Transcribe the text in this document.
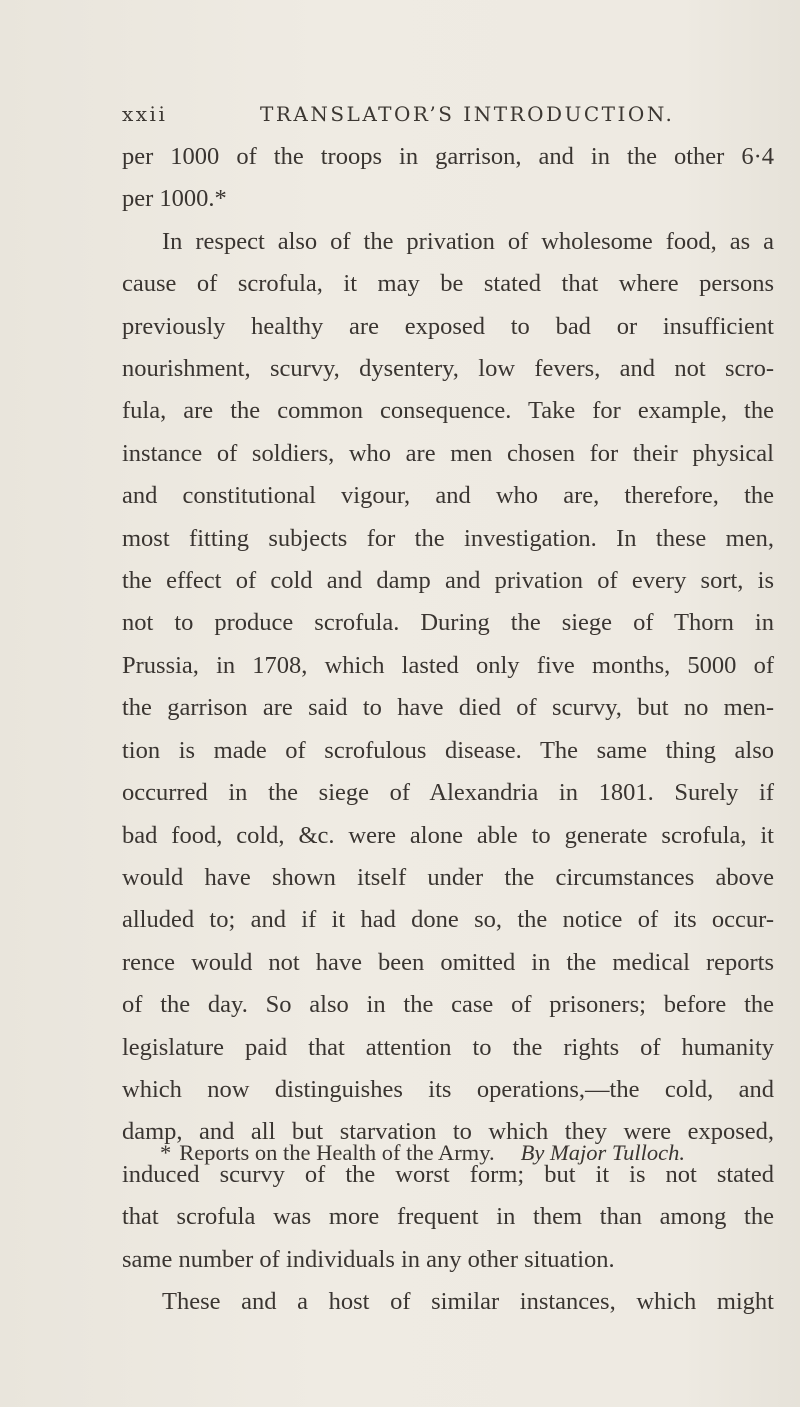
xxii	TRANSLATOR’S INTRODUCTION.
per 1000 of the troops in garrison, and in the other 6·4
per 1000.*
In respect also of the privation of wholesome food, as a
cause of scrofula, it may be stated that where persons
previously healthy are exposed to bad or insufficient
nourishment, scurvy, dysentery, low fevers, and not scro-
fula, are the common consequence. Take for example, the
instance of soldiers, who are men chosen for their physical
and constitutional vigour, and who are, therefore, the
most fitting subjects for the investigation. In these men,
the effect of cold and damp and privation of every sort, is
not to produce scrofula. During the siege of Thorn in
Prussia, in 1708, which lasted only five months, 5000 of
the garrison are said to have died of scurvy, but no men-
tion is made of scrofulous disease. The same thing also
occurred in the siege of Alexandria in 1801. Surely if
bad food, cold, &c. were alone able to generate scrofula, it
would have shown itself under the circumstances above
alluded to; and if it had done so, the notice of its occur-
rence would not have been omitted in the medical reports
of the day. So also in the case of prisoners; before the
legislature paid that attention to the rights of humanity
which now distinguishes its operations,—the cold, and
damp, and all but starvation to which they were exposed,
induced scurvy of the worst form; but it is not stated
that scrofula was more frequent in them than among the
same number of individuals in any other situation.
These and a host of similar instances, which might
* Reports on the Health of the Army. By Major Tulloch.
